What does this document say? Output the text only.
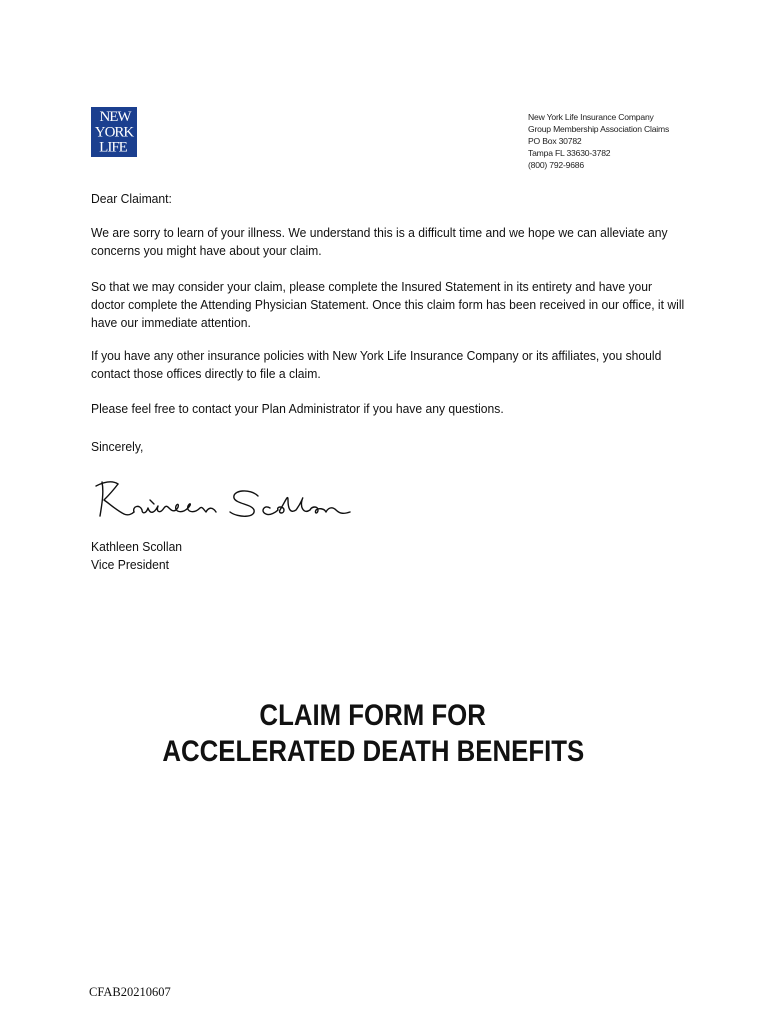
NEW
YORK
LIFE
New York Life Insurance Company
Group Membership Association Claims
PO Box 30782
Tampa FL 33630-3782
(800) 792-9686

Dear Claimant:

We are sorry to learn of your illness. We understand this is a difficult time and we hope we can alleviate any concerns you might have about your claim.

So that we may consider your claim, please complete the Insured Statement in its entirety and have your doctor complete the Attending Physician Statement. Once this claim form has been received in our office, it will have our immediate attention.

If you have any other insurance policies with New York Life Insurance Company or its affiliates, you should contact those offices directly to file a claim.

Please feel free to contact your Plan Administrator if you have any questions.

Sincerely,

Kathleen Scollan
Vice President
CLAIM FORM FOR
ACCELERATED DEATH BENEFITS
CFAB20210607
